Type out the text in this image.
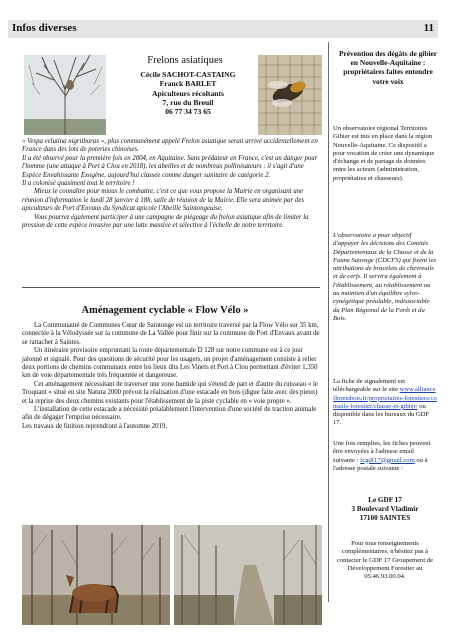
Infos diverses	11
Frelons asiatiques
Cécile SACHOT-CASTAING
Franck BARLET
Apiculteurs récoltants
7, rue du Breuil
06 77 34 73 65

« Vespa velutina nigrithorax », plus communément appelé Frelon asiatique serait arrivé accidentellement en France dans des lots de poteries chinoises.

Il a été observé pour la première fois en 2004, en Aquitaine. Sans prédateur en France, c'est un danger pour l'homme (une attaque à Port à Clou en 2018), les abeilles et de nombreux pollinisateurs : il s'agit d'une Espèce Envahissante Exogène, aujourd'hui classée comme danger sanitaire de catégorie 2.

Il a colonisé quasiment tout le territoire !

Mieux le connaître pour mieux le combattre, c'est ce que vous propose la Mairie en organisant une réunion d'information le lundi 28 janvier à 18h, salle de réunion de la Mairie. Elle sera animée par des apiculteurs de Port d'Envaux du Syndicat apicole l'Abeille Saintongeaise.

Vous pourrez également participer à une campagne de piégeage du frelon asiatique afin de limiter la pression de cette espèce invasive par une lutte massive et sélective à l'échelle de notre territoire.

Aménagement cyclable « Flow Vélo »

La Communauté de Communes Cœur de Saintonge est un territoire traversé par la Flow Vélo sur 35 km, connectée à la Vélodyssée sur la commune de La Vallée pour finir sur la commune de Port d'Envaux avant de se rattacher à Saintes.

Un itinéraire provisoire empruntant la route départementale D 128 sur notre commune est à ce jour jalonné et signalé. Pour des questions de sécurité pour les usagers, un projet d'aménagement consiste à relier deux portions de chemins communaux entre les lieux dits Les Vinets et Port à Clou permettant d'éviter 1,350 km de voie départementale très fréquentée et dangereuse.

Cet aménagement nécessitant de traverser une zone humide qui s'étend de part et d'autre du ruisseau « le Troquant » situé en site Natura 2000 prévoit la réalisation d'une estacade en bois (digue faite avec des pieux) et la reprise des deux chemins existants pour l'établissement de la piste cyclable en « voie propre ».

L'installation de cette estacade a nécessité préalablement l'intervention d'une société de traction animale afin de dégager l'emprise nécessaire.

Les travaux de finition reprendront à l'automne 2019.

Prévention des dégâts de gibier en Nouvelle-Aquitaine : propriétaires faites entendre votre voix
Un observatoire régional Territoires Gibier est mis en place dans la région Nouvelle-Aquitaine. Ce dispositif a pour vocation de créer une dynamique d'échange et de partage de données entre les acteurs (administration, propriétaires et chasseurs).
L'observatoire a pour objectif d'appuyer les décisions des Comités Départementaux de la Chasse et de la Faune Sauvage (CDCFS) qui fixent les attributions de bracelets de chevreuils et de cerfs. Il servira également à l'établissement, au rétablissement ou au maintien d'un équilibre sylvo-cynégétique préalable, indissociable du Plan Régional de la Forêt et du Bois.
La fiche de signalement est téléchargeable sur le site www.alliancefloretsbois.fr/proprietaires-forestiers/conseils-forestier/chasse-et-gibier/ ou disponible dans les bureaux du GDF 17.
Une fois remplies, les fiches peuvent être envoyées à l'adresse email suivante : fcgdf17@gmail.com ou à l'adresse postale suivante :
Le GDF 17
3 Boulevard Vladimir
17100 SAINTES
Pour tous renseignements complémentaires, n'hésitez pas à contacter le GDF 17 Groupement de Développement Forestier au 05.46.93.00.04.
